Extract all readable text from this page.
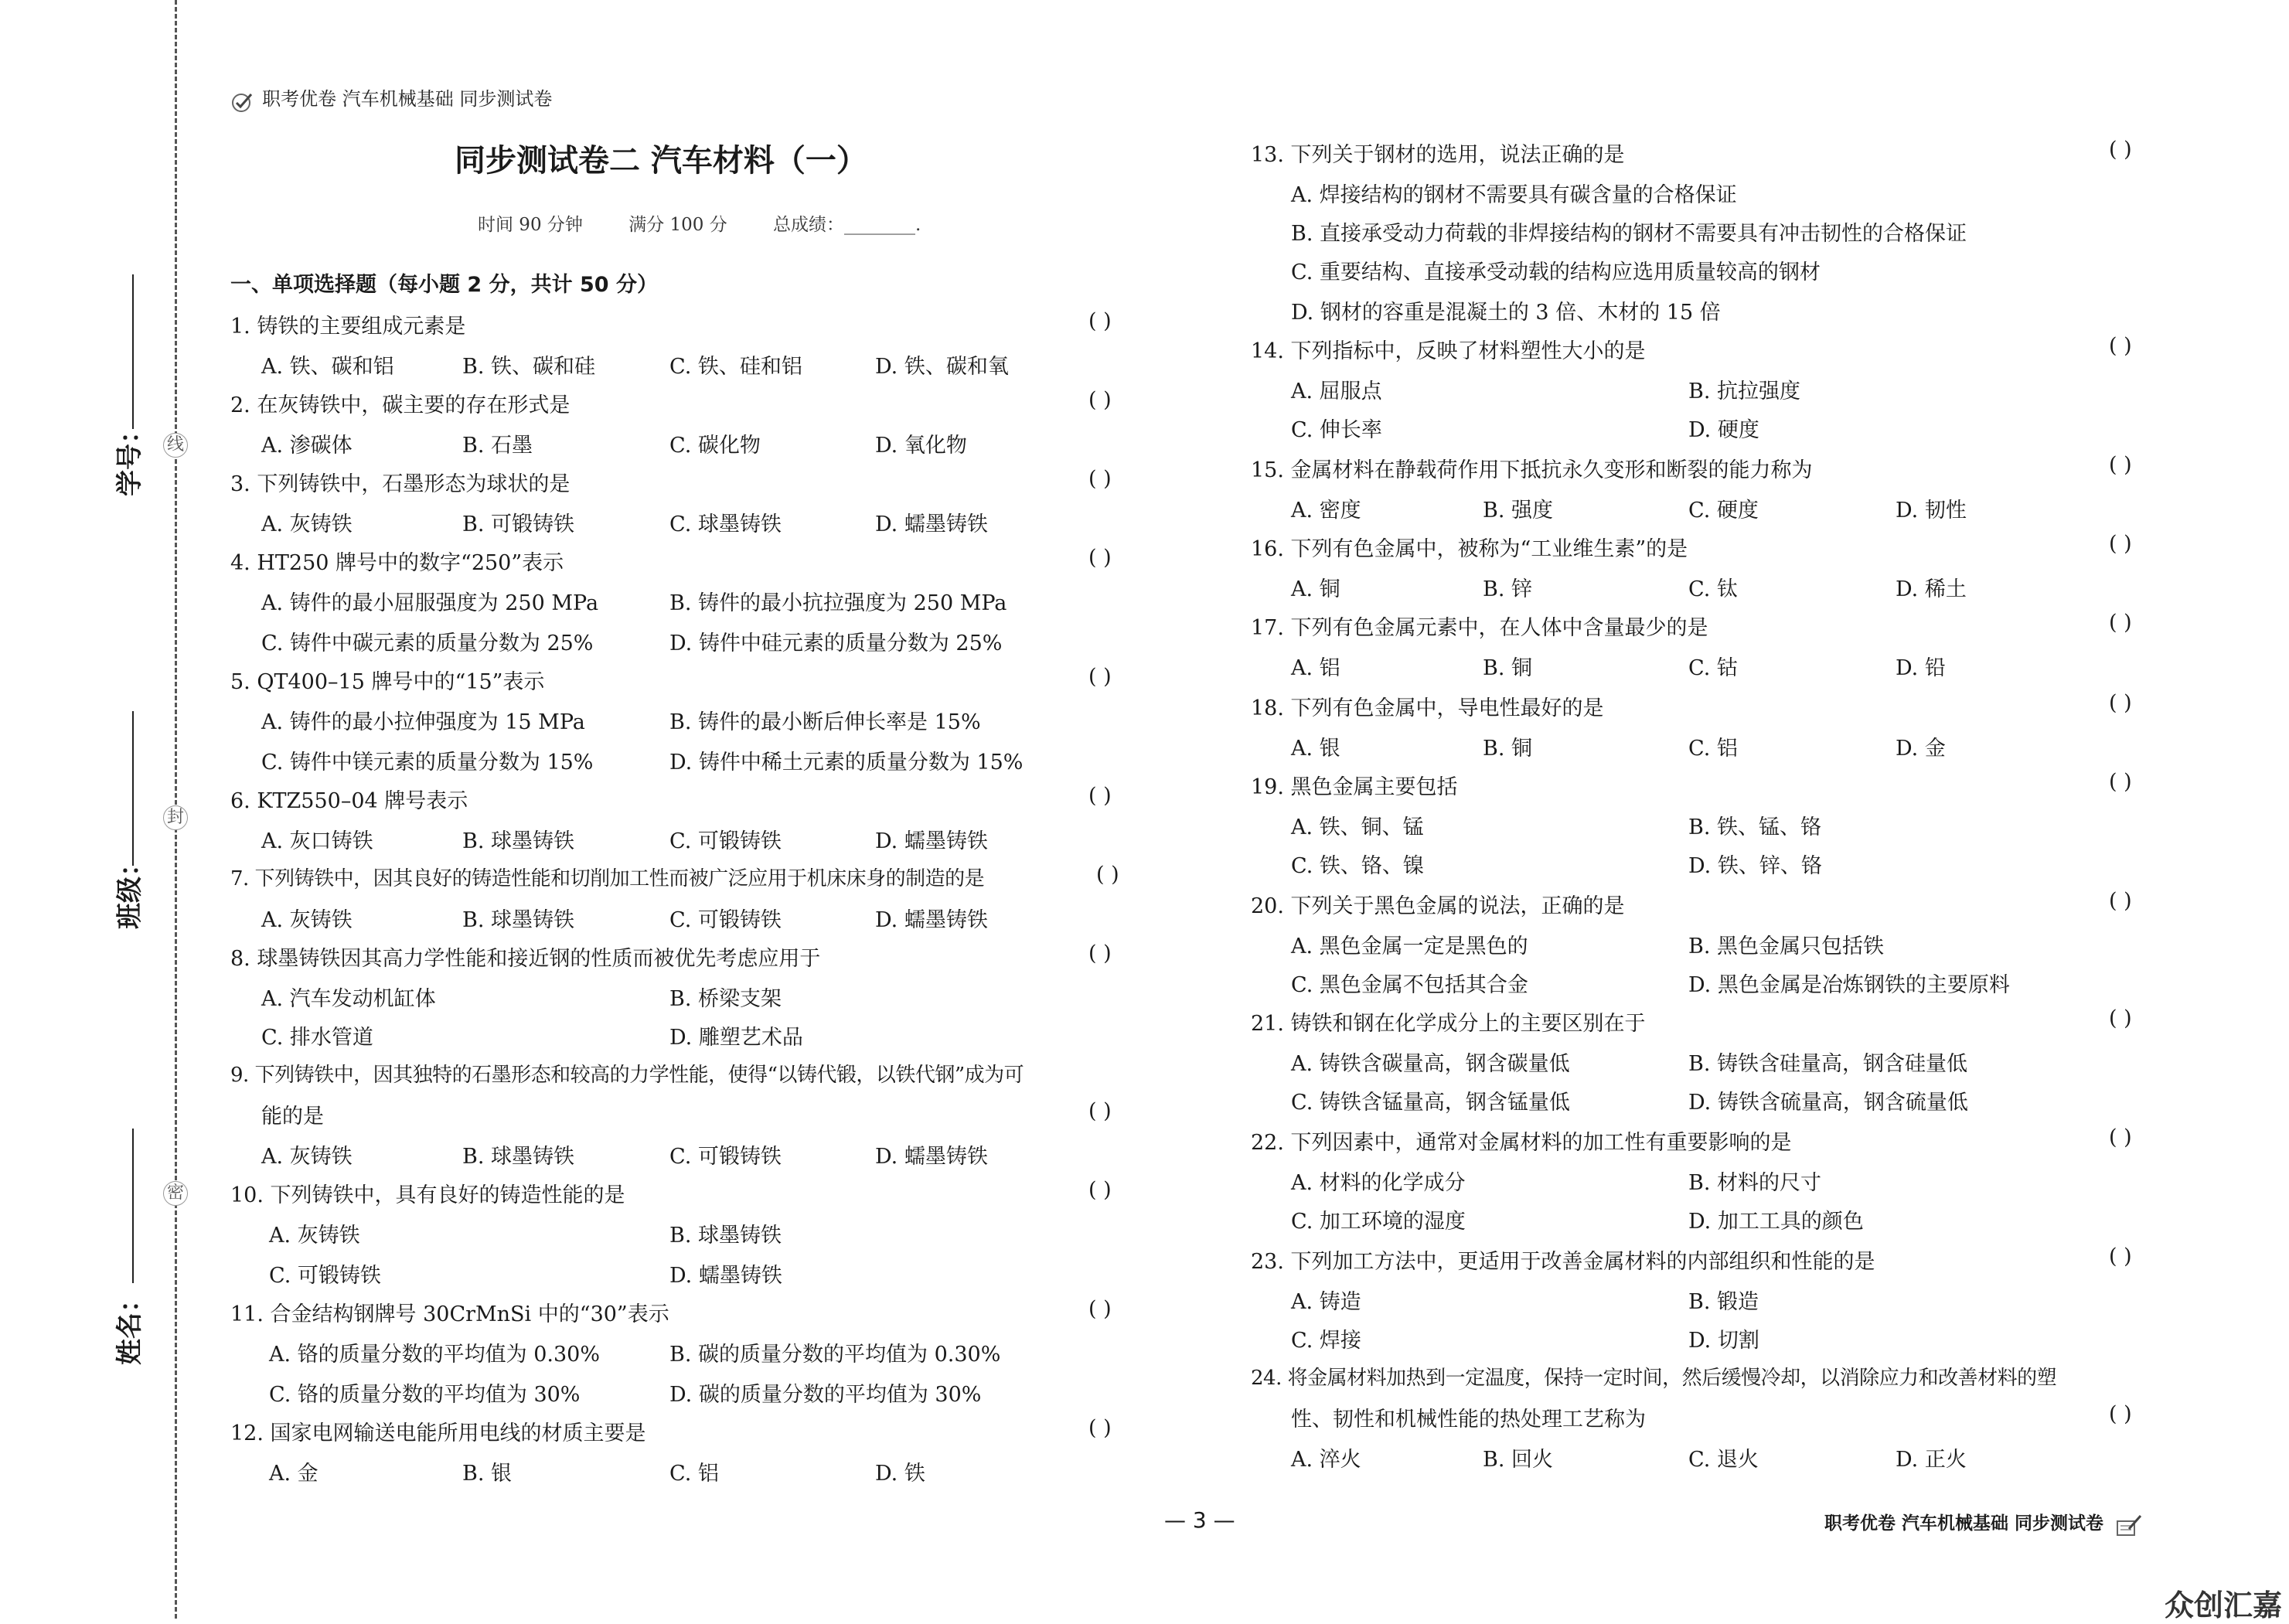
线
封
密
学号：
班级：
姓名：
职考优卷 汽车机械基础 同步测试卷
同步测试卷二 汽车材料（一）
时间 90 分钟	满分 100 分	总成绩：________.
一、单项选择题（每小题 2 分，共计 50 分）
1. 铸铁的主要组成元素是	( )
A. 铁、碳和铝	B. 铁、碳和硅	C. 铁、硅和铝	D. 铁、碳和氧
2. 在灰铸铁中，碳主要的存在形式是	( )
A. 渗碳体	B. 石墨	C. 碳化物	D. 氧化物
3. 下列铸铁中，石墨形态为球状的是	( )
A. 灰铸铁	B. 可锻铸铁	C. 球墨铸铁	D. 蠕墨铸铁
4. HT250 牌号中的数字“250”表示	( )
A. 铸件的最小屈服强度为 250 MPa	B. 铸件的最小抗拉强度为 250 MPa
C. 铸件中碳元素的质量分数为 25%	D. 铸件中硅元素的质量分数为 25%
5. QT400–15 牌号中的“15”表示	( )
A. 铸件的最小拉伸强度为 15 MPa	B. 铸件的最小断后伸长率是 15%
C. 铸件中镁元素的质量分数为 15%	D. 铸件中稀土元素的质量分数为 15%
6. KTZ550–04 牌号表示	( )
A. 灰口铸铁	B. 球墨铸铁	C. 可锻铸铁	D. 蠕墨铸铁
7. 下列铸铁中，因其良好的铸造性能和切削加工性而被广泛应用于机床床身的制造的是	( )
A. 灰铸铁	B. 球墨铸铁	C. 可锻铸铁	D. 蠕墨铸铁
8. 球墨铸铁因其高力学性能和接近钢的性质而被优先考虑应用于	( )
A. 汽车发动机缸体	B. 桥梁支架
C. 排水管道	D. 雕塑艺术品
9. 下列铸铁中，因其独特的石墨形态和较高的力学性能，使得“以铸代锻，以铁代钢”成为可
能的是	( )
A. 灰铸铁	B. 球墨铸铁	C. 可锻铸铁	D. 蠕墨铸铁
10. 下列铸铁中，具有良好的铸造性能的是	( )
A. 灰铸铁	B. 球墨铸铁
C. 可锻铸铁	D. 蠕墨铸铁
11. 合金结构钢牌号 30CrMnSi 中的“30”表示	( )
A. 铬的质量分数的平均值为 0.30%	B. 碳的质量分数的平均值为 0.30%
C. 铬的质量分数的平均值为 30%	D. 碳的质量分数的平均值为 30%
12. 国家电网输送电能所用电线的材质主要是	( )
A. 金	B. 银	C. 铝	D. 铁
13. 下列关于钢材的选用，说法正确的是	( )
A. 焊接结构的钢材不需要具有碳含量的合格保证
B. 直接承受动力荷载的非焊接结构的钢材不需要具有冲击韧性的合格保证
C. 重要结构、直接承受动载的结构应选用质量较高的钢材
D. 钢材的容重是混凝土的 3 倍、木材的 15 倍
14. 下列指标中，反映了材料塑性大小的是	( )
A. 屈服点	B. 抗拉强度
C. 伸长率	D. 硬度
15. 金属材料在静载荷作用下抵抗永久变形和断裂的能力称为	( )
A. 密度	B. 强度	C. 硬度	D. 韧性
16. 下列有色金属中，被称为“工业维生素”的是	( )
A. 铜	B. 锌	C. 钛	D. 稀土
17. 下列有色金属元素中，在人体中含量最少的是	( )
A. 铝	B. 铜	C. 钴	D. 铅
18. 下列有色金属中，导电性最好的是	( )
A. 银	B. 铜	C. 铝	D. 金
19. 黑色金属主要包括	( )
A. 铁、铜、锰	B. 铁、锰、铬
C. 铁、铬、镍	D. 铁、锌、铬
20. 下列关于黑色金属的说法，正确的是	( )
A. 黑色金属一定是黑色的	B. 黑色金属只包括铁
C. 黑色金属不包括其合金	D. 黑色金属是冶炼钢铁的主要原料
21. 铸铁和钢在化学成分上的主要区别在于	( )
A. 铸铁含碳量高，钢含碳量低	B. 铸铁含硅量高，钢含硅量低
C. 铸铁含锰量高，钢含锰量低	D. 铸铁含硫量高，钢含硫量低
22. 下列因素中，通常对金属材料的加工性有重要影响的是	( )
A. 材料的化学成分	B. 材料的尺寸
C. 加工环境的湿度	D. 加工工具的颜色
23. 下列加工方法中，更适用于改善金属材料的内部组织和性能的是	( )
A. 铸造	B. 锻造
C. 焊接	D. 切割
24. 将金属材料加热到一定温度，保持一定时间，然后缓慢冷却，以消除应力和改善材料的塑
性、韧性和机械性能的热处理工艺称为	( )
A. 淬火	B. 回火	C. 退火	D. 正火
— 3 —	职考优卷 汽车机械基础 同步测试卷
众创汇嘉
